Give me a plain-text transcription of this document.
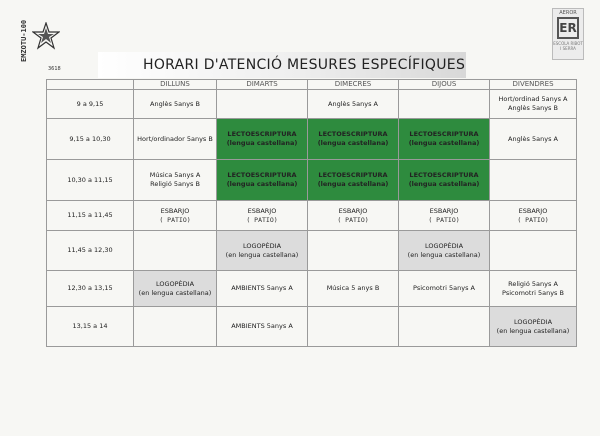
EMZOTU-100
3618
AEROR
ER
ESCOLA RIBOT I SERRA
HORARI D'ATENCIÓ MESURES ESPECÍFIQUES
	DILLUNS	DIMARTS	DIMECRES	DIJOUS	DIVENDRES
9 a 9,15	Anglès 5anys B		Anglès 5anys A		Hort/ordinad 5anys A
Anglès 5anys B

9,15 a 10,30	Hort/ordinador 5anys B	LECTOESCRIPTURA
(lengua castellana)	LECTOESCRIPTURA
(lengua castellana)	LECTOESCRIPTURA
(lengua castellana)	Anglès 5anys A

10,30 a 11,15	Música 5anys A
Religió 5anys B	LECTOESCRIPTURA
(lengua castellana)	LECTOESCRIPTURA
(lengua castellana)	LECTOESCRIPTURA
(lengua castellana)	

11,15 a 11,45	ESBARJO
( PATIO)	ESBARJO
( PATIO)	ESBARJO
( PATIO)	ESBARJO
( PATIO)	ESBARJO
( PATIO)

11,45 a 12,30		LOGOPÈDIA
(en lengua castellana)		LOGOPÈDIA
(en lengua castellana)	

12,30 a 13,15	LOGOPÈDIA
(en lengua castellana)	AMBIENTS 5anys A	Música 5 anys B	Psicomotri 5anys A	Religió 5anys A
Psicomotri 5anys B

13,15 a 14		AMBIENTS 5anys A			LOGOPÈDIA
(en lengua castellana)
